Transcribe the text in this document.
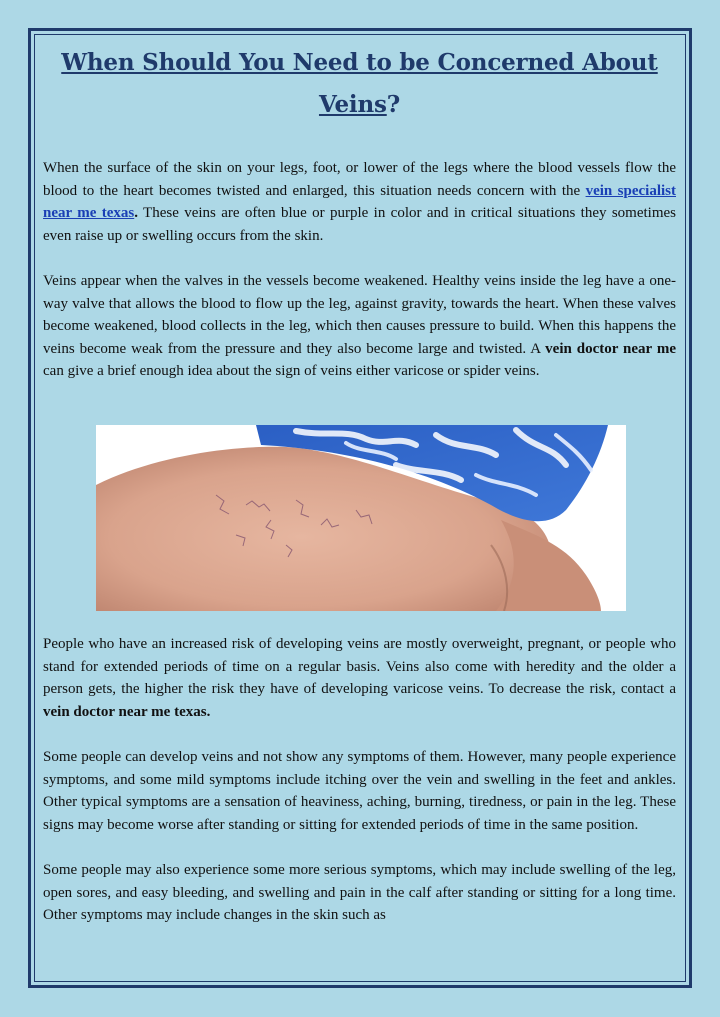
When Should You Need to be Concerned About
Veins?

When the surface of the skin on your legs, foot, or lower of the legs where the blood vessels flow the blood to the heart becomes twisted and enlarged, this situation needs concern with the vein specialist near me texas. These veins are often blue or purple in color and in critical situations they sometimes even raise up or swelling occurs from the skin.

Veins appear when the valves in the vessels become weakened. Healthy veins inside the leg have a one-way valve that allows the blood to flow up the leg, against gravity, towards the heart. When these valves become weakened, blood collects in the leg, which then causes pressure to build. When this happens the veins become weak from the pressure and they also become large and twisted. A vein doctor near me can give a brief enough idea about the sign of veins either varicose or spider veins.

People who have an increased risk of developing veins are mostly overweight, pregnant, or people who stand for extended periods of time on a regular basis. Veins also come with heredity and the older a person gets, the higher the risk they have of developing varicose veins. To decrease the risk, contact a vein doctor near me texas.

Some people can develop veins and not show any symptoms of them. However, many people experience symptoms, and some mild symptoms include itching over the vein and swelling in the feet and ankles. Other typical symptoms are a sensation of heaviness, aching, burning, tiredness, or pain in the leg. These signs may become worse after standing or sitting for extended periods of time in the same position.

Some people may also experience some more serious symptoms, which may include swelling of the leg, open sores, and easy bleeding, and swelling and pain in the calf after standing or sitting for a long time. Other symptoms may include changes in the skin such as
